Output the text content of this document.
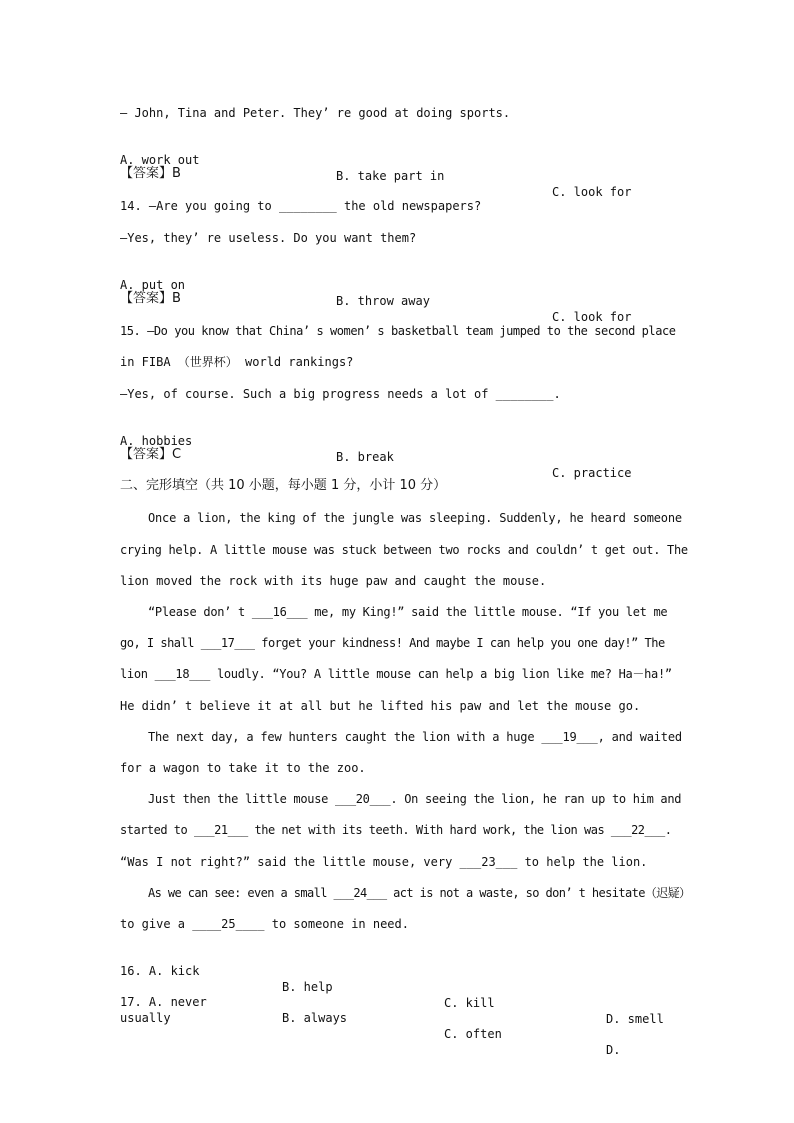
— John, Tina and Peter. They’ re good at doing sports.

A. work out

B. take part in

C. look for

【答案】B
14. —Are you going to ________ the old newspapers?
—Yes, they’ re useless. Do you want them?

A. put on

B. throw away

C. look for

【答案】B
15. —Do you know that China’ s women’ s basketball team jumped to the second place
in FIBA （世界杯） world rankings?
—Yes, of course. Such a big progress needs a lot of ________.

A. hobbies

B. break

C. practice

【答案】C
二、完形填空（共 10 小题，每小题 1 分，小计 10 分）
Once a lion, the king of the jungle was sleeping. Suddenly, he heard someone
crying help. A little mouse was stuck between two rocks and couldn’ t get out. The
lion moved the rock with its huge paw and caught the mouse.
“Please don’ t ___16___ me, my King!” said the little mouse. “If you let me
go, I shall ___17___ forget your kindness! And maybe I can help you one day!” The
lion ___18___ loudly. “You? A little mouse can help a big lion like me? Ha－ha!”
He didn’ t believe it at all but he lifted his paw and let the mouse go.
The next day, a few hunters caught the lion with a huge ___19___, and waited
for a wagon to take it to the zoo.
Just then the little mouse ___20___. On seeing the lion, he ran up to him and
started to ___21___ the net with its teeth. With hard work, the lion was ___22___.
“Was I not right?” said the little mouse, very ___23___ to help the lion.
As we can see: even a small ___24___ act is not a waste, so don’ t hesitate（迟疑）
to give a ____25____ to someone in need.

16. A. kick

B. help

C. kill

D. smell

17. A. never

B. always

C. often

D.

usually
